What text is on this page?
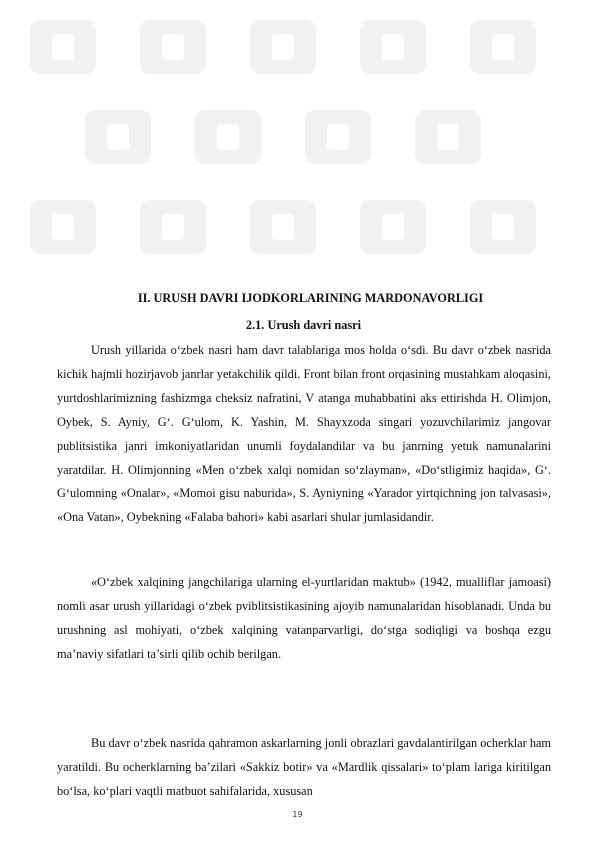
II. URUSH DAVRI IJODKORLARINING MARDONAVORLIGI
2.1. Urush davri nasri

Urush yillarida o‘zbek nasri ham davr talablariga mos holda o‘sdi. Bu davr o‘zbek nasrida kichik hajmli hozirjavob janrlar yetakchilik qildi. Front bilan front orqasining mustahkam aloqasini, yurtdoshlarimizning fashizmga cheksiz nafratini, V atanga muhabbatini aks ettirishda H. Olimjon, Oybek, S. Ayniy, G‘. G‘ulom, K. Yashin, M. Shayxzoda singari yozuvchilarimiz jangovar publitsistika janri imkoniyatlaridan unumli foydalandilar va bu janrning yetuk namunalarini yaratdilar. H. Olimjonning «Men o‘zbek xalqi nomidan so‘zlayman», «Do‘stligimiz haqida», G‘. G‘ulomning «Onalar», «Momoi gisu naburida», S. Ayniyning «Yarador yirtqichning jon talvasasi», «Ona Vatan», Oybekning «Falaba bahori» kabi asarlari shular jumlasidandir.

«O‘zbek xalqining jangchilariga ularning el-yurtlaridan maktub» (1942, mualliflar jamoasi) nomli asar urush yillaridagi o‘zbek pviblitsistikasining ajoyib namunalaridan hisoblanadi. Unda bu urushning asl mohiyati, o‘zbek xalqining vatanparvarligi, do‘stga sodiqligi va boshqa ezgu ma’naviy sifatlari ta’sirli qilib ochib berilgan.

Bu davr o‘zbek nasrida qahramon askarlarning jonli obrazlari gavdalantirilgan ocherklar ham yaratildi. Bu ocherklarning ba’zilari «Sakkiz botir» va «Mardlik qissalari» to‘plam lariga kiritilgan bo‘lsa, ko‘plari vaqtli matbuot sahifalarida, xususan

19
